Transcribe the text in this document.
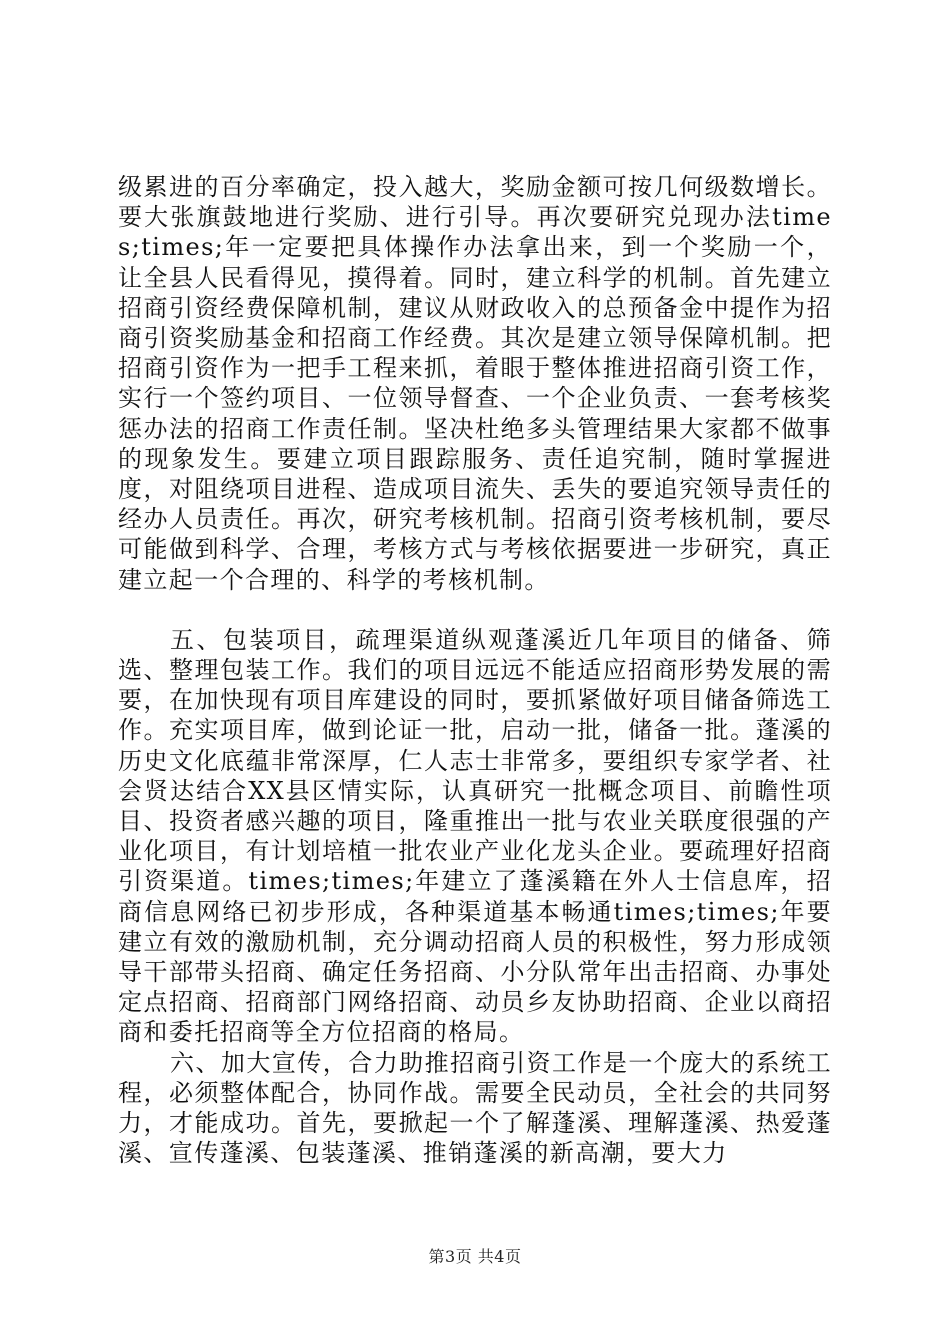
级累进的百分率确定，投入越大，奖励金额可按几何级数增长。要大张旗鼓地进行奖励、进行引导。再次要研究兑现办法times;times;年一定要把具体操作办法拿出来，到一个奖励一个，让全县人民看得见，摸得着。同时，建立科学的机制。首先建立招商引资经费保障机制，建议从财政收入的总预备金中提作为招商引资奖励基金和招商工作经费。其次是建立领导保障机制。把招商引资作为一把手工程来抓，着眼于整体推进招商引资工作，实行一个签约项目、一位领导督查、一个企业负责、一套考核奖惩办法的招商工作责任制。坚决杜绝多头管理结果大家都不做事的现象发生。要建立项目跟踪服务、责任追究制，随时掌握进度，对阻绕项目进程、造成项目流失、丢失的要追究领导责任的经办人员责任。再次，研究考核机制。招商引资考核机制，要尽可能做到科学、合理，考核方式与考核依据要进一步研究，真正建立起一个合理的、科学的考核机制。

五、包装项目，疏理渠道纵观蓬溪近几年项目的储备、筛选、整理包装工作。我们的项目远远不能适应招商形势发展的需要，在加快现有项目库建设的同时，要抓紧做好项目储备筛选工作。充实项目库，做到论证一批，启动一批，储备一批。蓬溪的历史文化底蕴非常深厚，仁人志士非常多，要组织专家学者、社会贤达结合XX县区情实际，认真研究一批概念项目、前瞻性项目、投资者感兴趣的项目，隆重推出一批与农业关联度很强的产业化项目，有计划培植一批农业产业化龙头企业。要疏理好招商引资渠道。times;times;年建立了蓬溪籍在外人士信息库，招商信息网络已初步形成，各种渠道基本畅通times;times;年要建立有效的激励机制，充分调动招商人员的积极性，努力形成领导干部带头招商、确定任务招商、小分队常年出击招商、办事处定点招商、招商部门网络招商、动员乡友协助招商、企业以商招商和委托招商等全方位招商的格局。

六、加大宣传，合力助推招商引资工作是一个庞大的系统工程，必须整体配合，协同作战。需要全民动员，全社会的共同努力，才能成功。首先，要掀起一个了解蓬溪、理解蓬溪、热爱蓬溪、宣传蓬溪、包装蓬溪、推销蓬溪的新高潮，要大力

第3页 共4页
